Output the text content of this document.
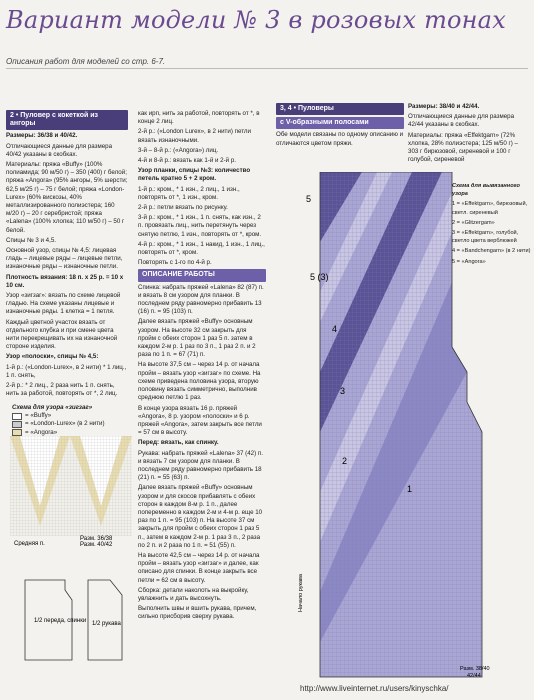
Вариант модели № 3 в розовых тонах
Описания работ для моделей со стр. 6-7.
2 • Пуловер с кокеткой из ангоры

Размеры: 36/38 и 40/42.

Отличающиеся данные для размера 40/42 указаны в скобках.

Материалы: пряжа «Buffy» (100% полиамида; 90 м/50 г) – 350 (400) г белой; пряжа «Angora» (95% ангоры, 5% шерсти; 62,5 м/25 г) – 75 г белой; пряжа «London-Lurex» (60% вискозы, 40% металлизированного полиэстера; 160 м/20 г) – 20 г серебристой; пряжа «Lalena» (100% хлопка; 110 м/50 г) – 50 г белой.

Спицы № 3 и 4,5.

Основной узор, спицы № 4,5: лицевая гладь – лицевые ряды – лицевые петли, изнаночные ряды – изнаночные петли.

Плотность вязания: 18 п. x 25 р. = 10 x 10 см.

Узор «зигзаг»: вязать по схеме лицевой гладью. На схеме указаны лицевые и изнаночные ряды. 1 клетка = 1 петля.

Каждый цветной участок вязать от отдельного клубка и при смене цвета нити перекрещивать их на изнаночной стороне изделия.

Узор «полоски», спицы № 4,5:

1-й р.: («London-Lurex», в 2 нити) * 1 лиц., 1 п. снять,

2-й р.: * 2 лиц., 2 раза нить 1 п. снять, нить за работой, повторять от *, 2 лиц.

Схема для узора «зигзаг»
= «Buffy»
= «London-Lurex» (в 2 нити)
= «Angora»
Средняя п.
Разм. 36/38
Разм. 40/42
1/2 переда, спинки 1/2 рукава

как ирп, нить за работой, повторять от *, в конце 2 лиц.

2-й р.: («London Lurex», в 2 нити) петли вязать изнаночными.

3-й – 8-й р.: («Angora») лиц.

4-й и 8-й р.: вязать как 1-й и 2-й р.

Узор планки, спицы №3: количество петель кратно 5 + 2 кром.

1-й р.: кром., * 1 изн., 2 лиц., 1 изн., повторять от *, 1 изн., кром.

2-й р.: петли вязать по рисунку.

3-й р.: кром., * 1 изн., 1 п. снять, как изн., 2 п. провязать лиц., нить перетянуть через снятую петлю, 1 изн., повторять от *, кром.

4-й р.: кром., * 1 изн., 1 накид, 1 изн., 1 лиц., повторять от *, кром.

Повторять с 1-го по 4-й р.

ОПИСАНИЕ РАБОТЫ

Спинка: набрать пряжей «Lalena» 82 (87) п. и вязать 8 см узором для планки. В последнем ряду равномерно прибавить 13 (16) п. = 95 (103) п.

Далее вязать пряжей «Buffy» основным узором. На высоте 32 см закрыть для пройм с обеих сторон 1 раз 5 п. затем в каждом 2-м р. 1 раз по 3 п., 1 раз 2 п. и 2 раза по 1 п. = 67 (71) п.

На высоте 37,5 см – через 14 р. от начала пройм – вязать узор «зигзаг» по схеме. На схеме приведена половина узора, вторую половину вязать симметрично, выполнив среднюю петлю 1 раз.

В конце узора вязать 16 р. пряжей «Angora», 8 р. узором «полоски» и 6 р. пряжей «Angora», затем закрыть все петли = 57 см в высоту.

Перед: вязать, как спинку.

Рукава: набрать пряжей «Lalena» 37 (42) п. и вязать 7 см узором для планки. В последнем ряду равномерно прибавить 18 (21) п. = 55 (63) п.

Далее вязать пряжей «Buffy» основным узором и для скосов прибавлять с обеих сторон в каждом 8-м р. 1 п., далее попеременно в каждом 2-м и 4-м р. еще 10 раз по 1 п. = 95 (103) п. На высоте 37 см закрыть для пройм с обеих сторон 1 раз 5 п., затем в каждом 2-м р. 1 раз 3 п., 2 раза по 2 п. и 2 раза по 1 п. = 51 (55) п.

На высоте 42,5 см – через 14 р. от начала пройм – вязать узор «зигзаг» и далее, как описано для спинки. В конце закрыть все петли = 62 см в высоту.

Сборка: детали наколоть на выкройку, увлажнить и дать высохнуть.

Выполнить швы и вшить рукава, причем, сильно присборив сверху рукава.

3, 4 • Пуловеры
с V-образными полосами

Обе модели связаны по одному описанию и отличаются цветом пряжи.

Размеры: 38/40 и 42/44.

Отличающиеся данные для размера 42/44 указаны в скобках.

Материалы: пряжа «Effektgarn» (72% хлопка, 28% полиэстера; 125 м/50 г) – 303 г бирюзовой, сиреневой и 100 г голубой, сиреневой

Схема для вывязанного узора

1 = «Effektgarn», бирюзовый, светл. сиреневый

2 = «Glitzergam»

3 = «Effektgarn», голубой, светло цвета верблюжей

4 = «Bandchengarn» (в 2 нити)

5 = «Angora»

5
5 (3)
4
3
2
1
Начало рукава
Разм. 38/40
42/44
http://www.liveinternet.ru/users/kinyschka/
